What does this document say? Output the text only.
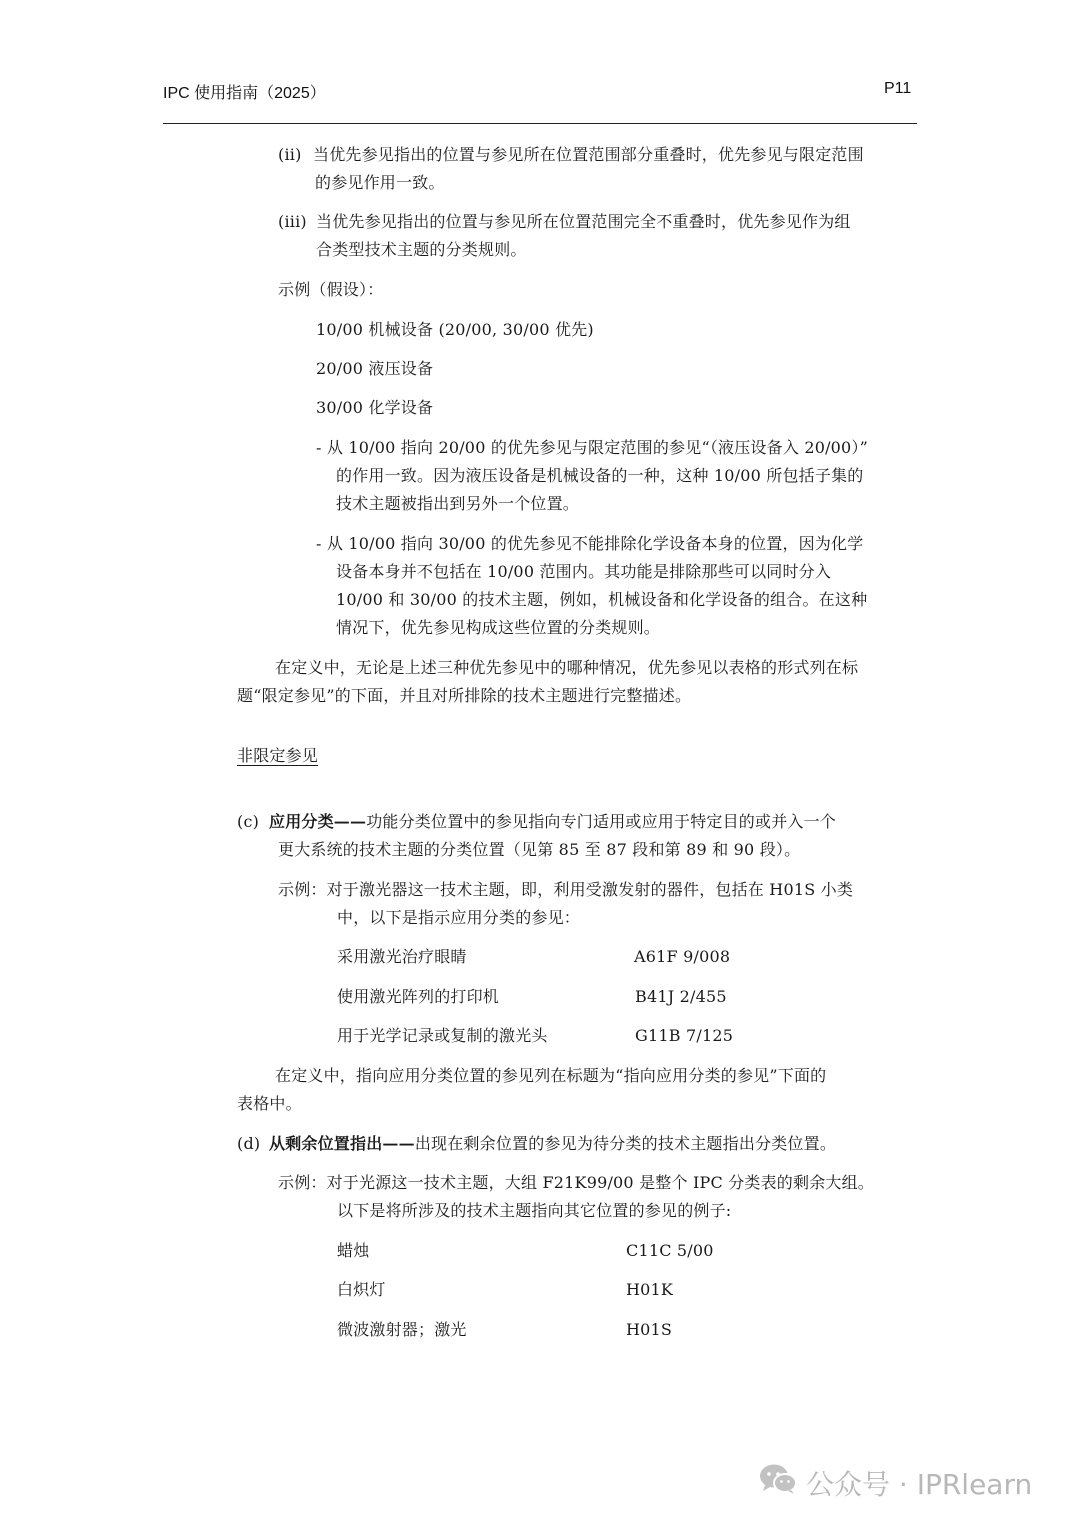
IPC 使用指南（2025）	P11
(ii) 当优先参见指出的位置与参见所在位置范围部分重叠时，优先参见与限定范围
的参见作用一致。
(iii) 当优先参见指出的位置与参见所在位置范围完全不重叠时，优先参见作为组
合类型技术主题的分类规则。
示例（假设）：
10/00 机械设备 (20/00, 30/00 优先)
20/00 液压设备
30/00 化学设备
- 从 10/00 指向 20/00 的优先参见与限定范围的参见“（液压设备入 20/00）”
的作用一致。因为液压设备是机械设备的一种，这种 10/00 所包括子集的
技术主题被指出到另外一个位置。
- 从 10/00 指向 30/00 的优先参见不能排除化学设备本身的位置，因为化学
设备本身并不包括在 10/00 范围内。其功能是排除那些可以同时分入
10/00 和 30/00 的技术主题，例如，机械设备和化学设备的组合。在这种
情况下，优先参见构成这些位置的分类规则。
在定义中，无论是上述三种优先参见中的哪种情况，优先参见以表格的形式列在标
题“限定参见”的下面，并且对所排除的技术主题进行完整描述。
非限定参见
(c) 应用分类——功能分类位置中的参见指向专门适用或应用于特定目的或并入一个
更大系统的技术主题的分类位置（见第 85 至 87 段和第 89 和 90 段）。
示例：对于激光器这一技术主题，即，利用受激发射的器件，包括在 H01S 小类
中，以下是指示应用分类的参见：
采用激光治疗眼睛	A61F 9/008
使用激光阵列的打印机	B41J 2/455
用于光学记录或复制的激光头	G11B 7/125
在定义中，指向应用分类位置的参见列在标题为“指向应用分类的参见”下面的
表格中。
(d) 从剩余位置指出——出现在剩余位置的参见为待分类的技术主题指出分类位置。
示例：对于光源这一技术主题，大组 F21K99/00 是整个 IPC 分类表的剩余大组。
以下是将所涉及的技术主题指向其它位置的参见的例子:
蜡烛	C11C 5/00
白炽灯	H01K
微波激射器；激光	H01S
公众号 · IPRlearn
